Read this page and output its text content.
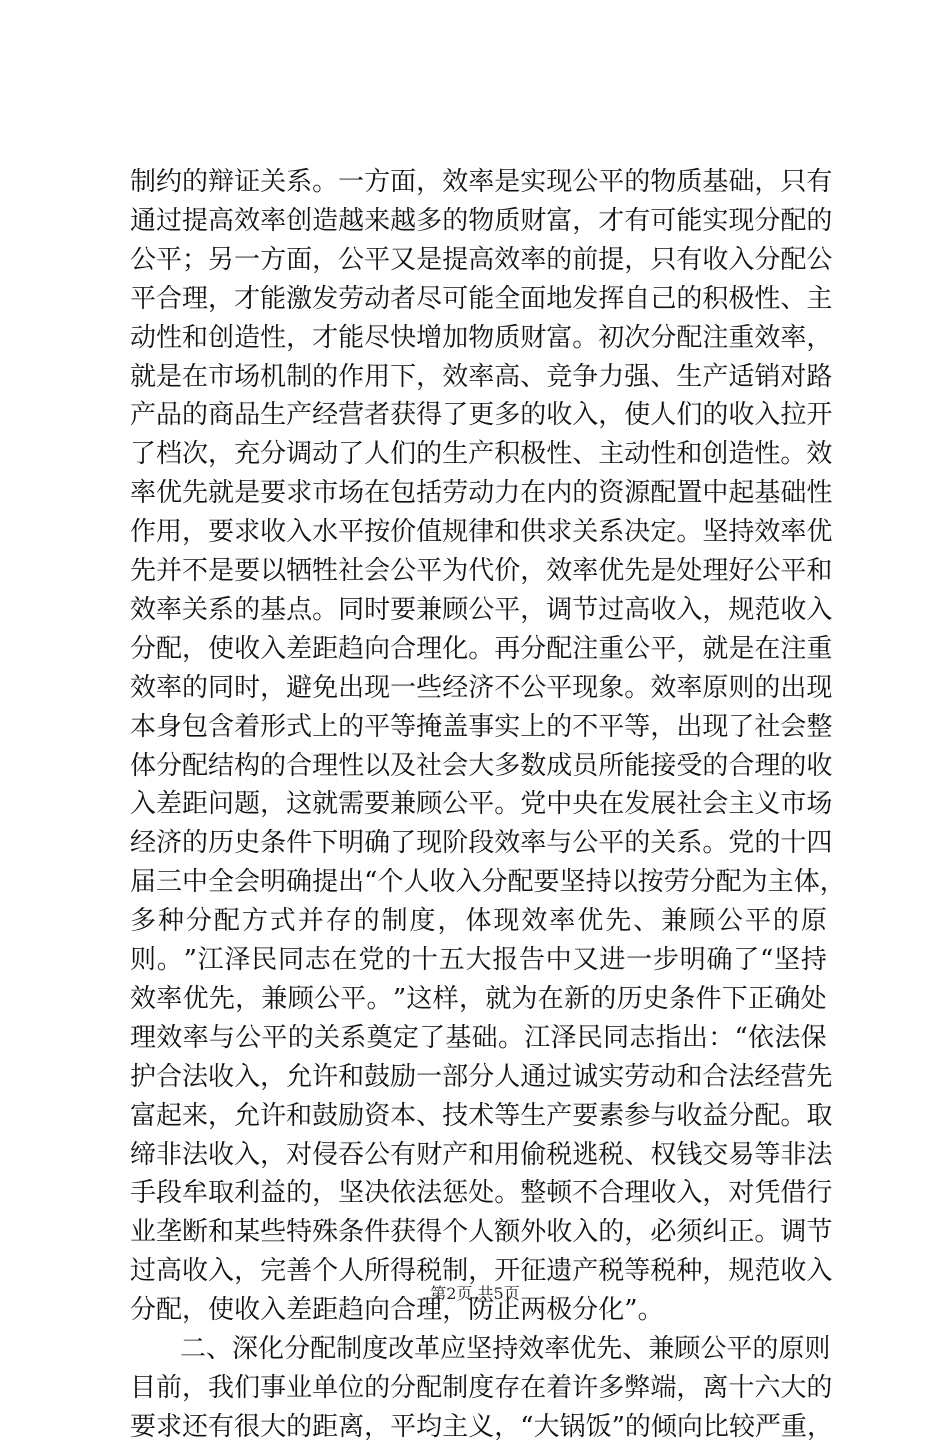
制 约 的 辩 证 关 系 。 一 方 面 ， 效 率 是 实 现 公 平 的 物 质 基 础 ， 只 有
通 过 提 高 效 率 创 造 越 来 越 多 的 物 质 财 富 ， 才 有 可 能 实 现 分 配 的
公 平 ； 另 一 方 面 ， 公 平 又 是 提 高 效 率 的 前 提 ， 只 有 收 入 分 配 公
平 合 理 ， 才 能 激 发 劳 动 者 尽 可 能 全 面 地 发 挥 自 己 的 积 极 性 、 主
动 性 和 创 造 性 ， 才 能 尽 快 增 加 物 质 财 富 。 初 次 分 配 注 重 效 率 ，
就 是 在 市 场 机 制 的 作 用 下 ， 效 率 高 、 竞 争 力 强 、 生 产 适 销 对 路
产 品 的 商 品 生 产 经 营 者 获 得 了 更 多 的 收 入 ， 使 人 们 的 收 入 拉 开
了 档 次 ， 充 分 调 动 了 人 们 的 生 产 积 极 性 、 主 动 性 和 创 造 性 。 效
率 优 先 就 是 要 求 市 场 在 包 括 劳 动 力 在 内 的 资 源 配 置 中 起 基 础 性
作 用 ， 要 求 收 入 水 平 按 价 值 规 律 和 供 求 关 系 决 定 。 坚 持 效 率 优
先 并 不 是 要 以 牺 牲 社 会 公 平 为 代 价 ， 效 率 优 先 是 处 理 好 公 平 和
效 率 关 系 的 基 点 。 同 时 要 兼 顾 公 平 ， 调 节 过 高 收 入 ， 规 范 收 入
分 配 ， 使 收 入 差 距 趋 向 合 理 化 。 再 分 配 注 重 公 平 ， 就 是 在 注 重
效 率 的 同 时 ， 避 免 出 现 一 些 经 济 不 公 平 现 象 。 效 率 原 则 的 出 现
本 身 包 含 着 形 式 上 的 平 等 掩 盖 事 实 上 的 不 平 等 ， 出 现 了 社 会 整
体 分 配 结 构 的 合 理 性 以 及 社 会 大 多 数 成 员 所 能 接 受 的 合 理 的 收
入 差 距 问 题 ， 这 就 需 要 兼 顾 公 平 。 党 中 央 在 发 展 社 会 主 义 市 场
经 济 的 历 史 条 件 下 明 确 了 现 阶 段 效 率 与 公 平 的 关 系 。 党 的 十 四
届 三 中 全 会 明 确 提 出 “ 个 人 收 入 分 配 要 坚 持 以 按 劳 分 配 为 主 体 ，
多 种 分 配 方 式 并 存 的 制 度 ， 体 现 效 率 优 先 、 兼 顾 公 平 的 原
则 。 ” 江 泽 民 同 志 在 党 的 十 五 大 报 告 中 又 进 一 步 明 确 了 “ 坚 持
效 率 优 先 ， 兼 顾 公 平 。 ” 这 样 ， 就 为 在 新 的 历 史 条 件 下 正 确 处
理 效 率 与 公 平 的 关 系 奠 定 了 基 础 。 江 泽 民 同 志 指 出 ： “ 依 法 保
护 合 法 收 入 ， 允 许 和 鼓 励 一 部 分 人 通 过 诚 实 劳 动 和 合 法 经 营 先
富 起 来 ， 允 许 和 鼓 励 资 本 、 技 术 等 生 产 要 素 参 与 收 益 分 配 。 取
缔 非 法 收 入 ， 对 侵 吞 公 有 财 产 和 用 偷 税 逃 税 、 权 钱 交 易 等 非 法
手 段 牟 取 利 益 的 ， 坚 决 依 法 惩 处 。 整 顿 不 合 理 收 入 ， 对 凭 借 行
业 垄 断 和 某 些 特 殊 条 件 获 得 个 人 额 外 收 入 的 ， 必 须 纠 正 。 调 节
过 高 收 入 ， 完 善 个 人 所 得 税 制 ， 开 征 遗 产 税 等 税 种 ， 规 范 收 入
分 配 ， 使 收 入 差 距 趋 向 合 理 ， 防 止 两 极 分 化 ” 。
二 、 深 化 分 配 制 度 改 革 应 坚 持 效 率 优 先 、 兼 顾 公 平 的 原 则
目 前 ， 我 们 事 业 单 位 的 分 配 制 度 存 在 着 许 多 弊 端 ， 离 十 六 大 的
要 求 还 有 很 大 的 距 离 ， 平 均 主 义 ， “ 大 锅 饭 ” 的 倾 向 比 较 严 重 ，
第2页 共5页
